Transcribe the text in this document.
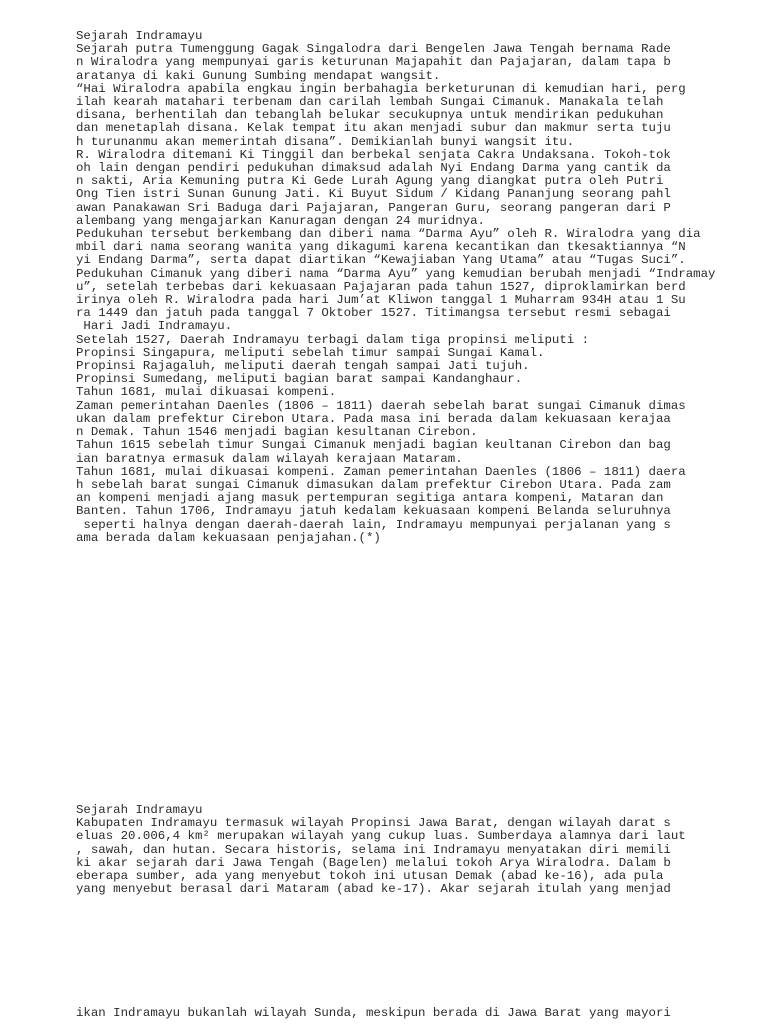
Sejarah Indramayu
Sejarah putra Tumenggung Gagak Singalodra dari Bengelen Jawa Tengah bernama Rade
n Wiralodra yang mempunyai garis keturunan Majapahit dan Pajajaran, dalam tapa b
aratanya di kaki Gunung Sumbing mendapat wangsit.
“Hai Wiralodra apabila engkau ingin berbahagia berketurunan di kemudian hari, perg
ilah kearah matahari terbenam dan carilah lembah Sungai Cimanuk. Manakala telah
disana, berhentilah dan tebanglah belukar secukupnya untuk mendirikan pedukuhan
dan menetaplah disana. Kelak tempat itu akan menjadi subur dan makmur serta tuju
h turunanmu akan memerintah disana”. Demikianlah bunyi wangsit itu.
R. Wiralodra ditemani Ki Tinggil dan berbekal senjata Cakra Undaksana. Tokoh-tok
oh lain dengan pendiri pedukuhan dimaksud adalah Nyi Endang Darma yang cantik da
n sakti, Aria Kemuning putra Ki Gede Lurah Agung yang diangkat putra oleh Putri
Ong Tien istri Sunan Gunung Jati. Ki Buyut Sidum / Kidang Pananjung seorang pahl
awan Panakawan Sri Baduga dari Pajajaran, Pangeran Guru, seorang pangeran dari P
alembang yang mengajarkan Kanuragan dengan 24 muridnya.
Pedukuhan tersebut berkembang dan diberi nama “Darma Ayu” oleh R. Wiralodra yang dia
mbil dari nama seorang wanita yang dikagumi karena kecantikan dan tkesaktiannya “N
yi Endang Darma”, serta dapat diartikan “Kewajiaban Yang Utama” atau “Tugas Suci”.
Pedukuhan Cimanuk yang diberi nama “Darma Ayu” yang kemudian berubah menjadi “Indramay
u”, setelah terbebas dari kekuasaan Pajajaran pada tahun 1527, diproklamirkan berd
irinya oleh R. Wiralodra pada hari Jum’at Kliwon tanggal 1 Muharram 934H atau 1 Su
ra 1449 dan jatuh pada tanggal 7 Oktober 1527. Titimangsa tersebut resmi sebagai
Hari Jadi Indramayu.
Setelah 1527, Daerah Indramayu terbagi dalam tiga propinsi meliputi :
Propinsi Singapura, meliputi sebelah timur sampai Sungai Kamal.
Propinsi Rajagaluh, meliputi daerah tengah sampai Jati tujuh.
Propinsi Sumedang, meliputi bagian barat sampai Kandanghaur.
Tahun 1681, mulai dikuasai kompeni.
Zaman pemerintahan Daenles (1806 – 1811) daerah sebelah barat sungai Cimanuk dimas
ukan dalam prefektur Cirebon Utara. Pada masa ini berada dalam kekuasaan kerajaa
n Demak. Tahun 1546 menjadi bagian kesultanan Cirebon.
Tahun 1615 sebelah timur Sungai Cimanuk menjadi bagian keultanan Cirebon dan bag
ian baratnya ermasuk dalam wilayah kerajaan Mataram.
Tahun 1681, mulai dikuasai kompeni. Zaman pemerintahan Daenles (1806 – 1811) daera
h sebelah barat sungai Cimanuk dimasukan dalam prefektur Cirebon Utara. Pada zam
an kompeni menjadi ajang masuk pertempuran segitiga antara kompeni, Mataran dan
Banten. Tahun 1706, Indramayu jatuh kedalam kekuasaan kompeni Belanda seluruhnya
seperti halnya dengan daerah-daerah lain, Indramayu mempunyai perjalanan yang s
ama berada dalam kekuasaan penjajahan.(*)
Sejarah Indramayu
Kabupaten Indramayu termasuk wilayah Propinsi Jawa Barat, dengan wilayah darat s
eluas 20.006,4 km² merupakan wilayah yang cukup luas. Sumberdaya alamnya dari laut
, sawah, dan hutan. Secara historis, selama ini Indramayu menyatakan diri memili
ki akar sejarah dari Jawa Tengah (Bagelen) melalui tokoh Arya Wiralodra. Dalam b
eberapa sumber, ada yang menyebut tokoh ini utusan Demak (abad ke-16), ada pula
yang menyebut berasal dari Mataram (abad ke-17). Akar sejarah itulah yang menjad
ikan Indramayu bukanlah wilayah Sunda, meskipun berada di Jawa Barat yang mayori
